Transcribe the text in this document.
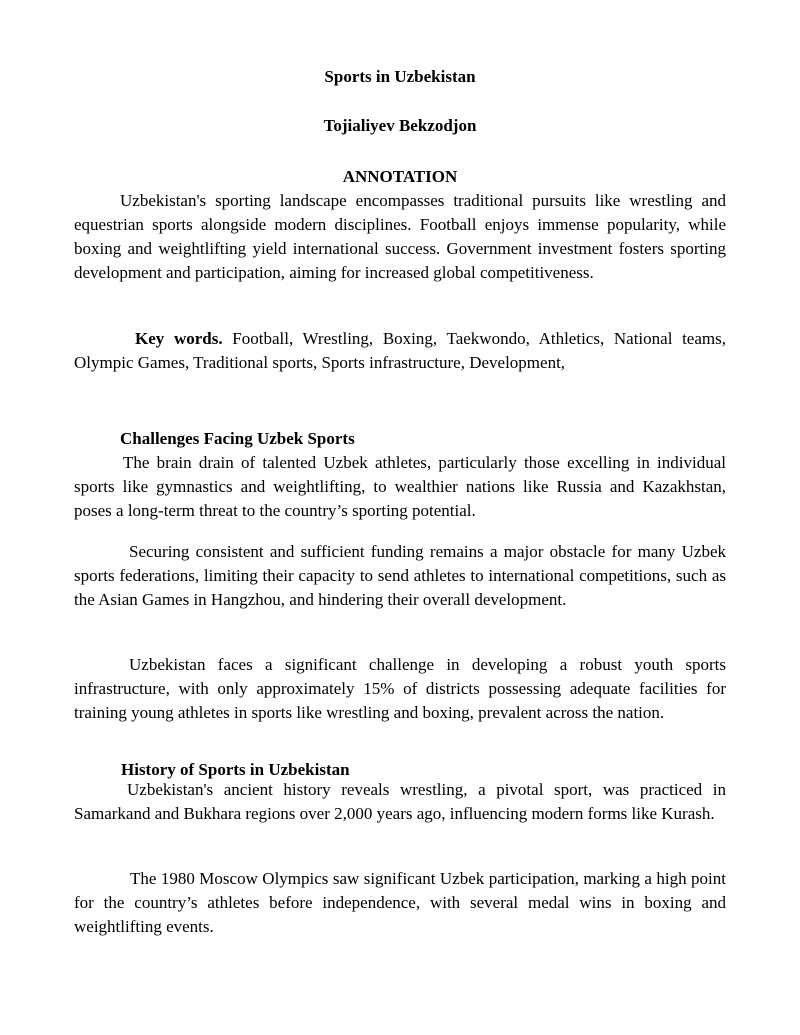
Sports in Uzbekistan

Tojialiyev Bekzodjon

ANNOTATION

Uzbekistan's sporting landscape encompasses traditional pursuits like wrestling and equestrian sports alongside modern disciplines. Football enjoys immense popularity, while boxing and weightlifting yield international success. Government investment fosters sporting development and participation, aiming for increased global competitiveness.

Key words. Football, Wrestling, Boxing, Taekwondo, Athletics, National teams, Olympic Games, Traditional sports, Sports infrastructure, Development,

Challenges Facing Uzbek Sports

The brain drain of talented Uzbek athletes, particularly those excelling in individual sports like gymnastics and weightlifting, to wealthier nations like Russia and Kazakhstan, poses a long-term threat to the country’s sporting potential.

Securing consistent and sufficient funding remains a major obstacle for many Uzbek sports federations, limiting their capacity to send athletes to international competitions, such as the Asian Games in Hangzhou, and hindering their overall development.

Uzbekistan faces a significant challenge in developing a robust youth sports infrastructure, with only approximately 15% of districts possessing adequate facilities for training young athletes in sports like wrestling and boxing, prevalent across the nation.

History of Sports in Uzbekistan

Uzbekistan's ancient history reveals wrestling, a pivotal sport, was practiced in Samarkand and Bukhara regions over 2,000 years ago, influencing modern forms like Kurash.

The 1980 Moscow Olympics saw significant Uzbek participation, marking a high point for the country’s athletes before independence, with several medal wins in boxing and weightlifting events.
